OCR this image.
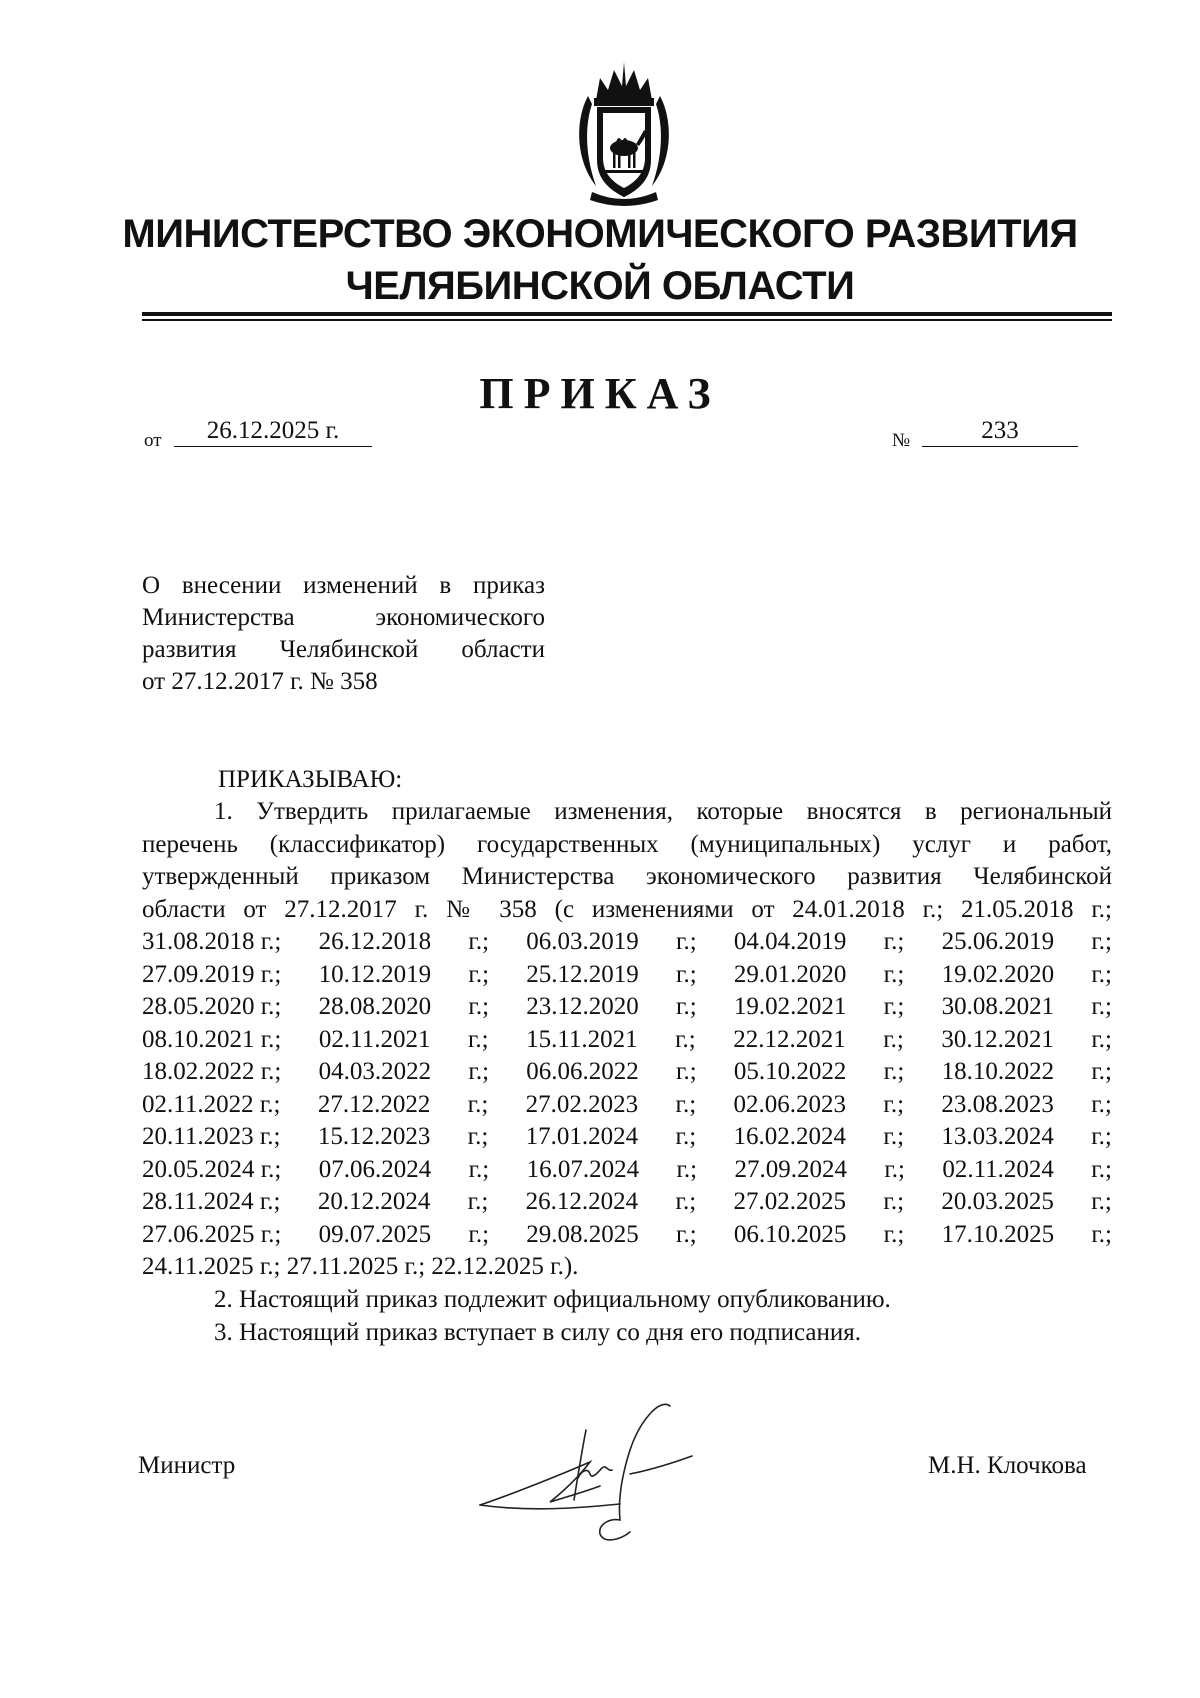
МИНИСТЕРСТВО ЭКОНОМИЧЕСКОГО РАЗВИТИЯ
ЧЕЛЯБИНСКОЙ ОБЛАСТИ
ПРИКАЗ
от	26.12.2025 г.	№	233
О внесении изменений в приказ
Министерства экономического
развития Челябинской области
от 27.12.2017 г. № 358
ПРИКАЗЫВАЮ:
1. Утвердить прилагаемые изменения, которые вносятся в региональный
перечень (классификатор) государственных (муниципальных) услуг и работ,
утвержденный приказом Министерства экономического развития Челябинской
области от 27.12.2017 г. № 358 (с изменениями от 24.01.2018 г.; 21.05.2018 г.;
31.08.2018 г.; 26.12.2018 г.; 06.03.2019 г.; 04.04.2019 г.; 25.06.2019 г.;
27.09.2019 г.; 10.12.2019 г.; 25.12.2019 г.; 29.01.2020 г.; 19.02.2020 г.;
28.05.2020 г.; 28.08.2020 г.; 23.12.2020 г.; 19.02.2021 г.; 30.08.2021 г.;
08.10.2021 г.; 02.11.2021 г.; 15.11.2021 г.; 22.12.2021 г.; 30.12.2021 г.;
18.02.2022 г.; 04.03.2022 г.; 06.06.2022 г.; 05.10.2022 г.; 18.10.2022 г.;
02.11.2022 г.; 27.12.2022 г.; 27.02.2023 г.; 02.06.2023 г.; 23.08.2023 г.;
20.11.2023 г.; 15.12.2023 г.; 17.01.2024 г.; 16.02.2024 г.; 13.03.2024 г.;
20.05.2024 г.; 07.06.2024 г.; 16.07.2024 г.; 27.09.2024 г.; 02.11.2024 г.;
28.11.2024 г.; 20.12.2024 г.; 26.12.2024 г.; 27.02.2025 г.; 20.03.2025 г.;
27.06.2025 г.; 09.07.2025 г.; 29.08.2025 г.; 06.10.2025 г.; 17.10.2025 г.;
24.11.2025 г.; 27.11.2025 г.; 22.12.2025 г.).
2. Настоящий приказ подлежит официальному опубликованию.
3. Настоящий приказ вступает в силу со дня его подписания.
Министр	М.Н. Клочкова
